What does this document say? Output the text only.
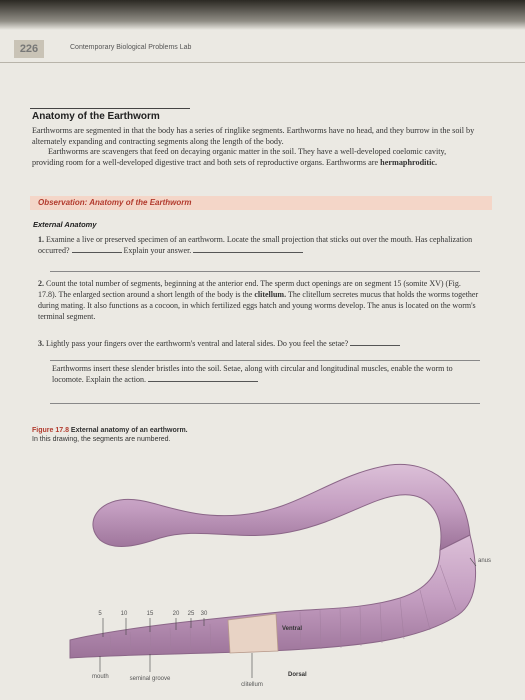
226	Contemporary Biological Problems Lab
Anatomy of the Earthworm

Earthworms are segmented in that the body has a series of ringlike segments. Earthworms have no head, and they burrow in the soil by alternately expanding and contracting segments along the length of the body.

Earthworms are scavengers that feed on decaying organic matter in the soil. They have a well-developed coelomic cavity, providing room for a well-developed digestive tract and both sets of reproductive organs. Earthworms are hermaphroditic.

Observation: Anatomy of the Earthworm
External Anatomy

1. Examine a live or preserved specimen of an earthworm. Locate the small projection that sticks out over the mouth. Has cephalization occurred?	Explain your answer.

2. Count the total number of segments, beginning at the anterior end. The sperm duct openings are on segment 15 (somite XV) (Fig. 17.8). The enlarged section around a short length of the body is the clitellum. The clitellum secretes mucus that holds the worms together during mating. It also functions as a cocoon, in which fertilized eggs hatch and young worms develop. The anus is located on the worm's terminal segment.

3. Lightly pass your fingers over the earthworm's ventral and lateral sides. Do you feel the setae?

Earthworms insert these slender bristles into the soil. Setae, along with circular and longitudinal muscles, enable the worm to locomote. Explain the action.

Figure 17.8 External anatomy of an earthworm.
In this drawing, the segments are numbered.
5	10	15	20 25 30
anus
Ventral
Dorsal
mouth	seminal groove
clitellum
